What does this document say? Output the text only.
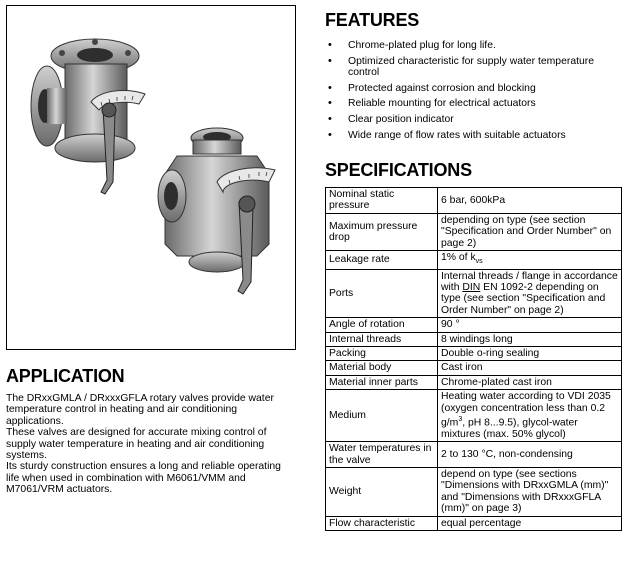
APPLICATION

The DRxxGMLA / DRxxxGFLA rotary valves provide water temperature control in heating and air conditioning applications.

These valves are designed for accurate mixing control of supply water temperature in heating and air conditioning systems.

Its sturdy construction ensures a long and reliable operating life when used in combination with M6061/VMM and M7061/VRM actuators.

FEATURES
• Chrome-plated plug for long life.
• Optimized characteristic for supply water temperature control
• Protected against corrosion and blocking
• Reliable mounting for electrical actuators
• Clear position indicator
• Wide range of flow rates with suitable actuators
SPECIFICATIONS
Nominal static pressure	6 bar, 600kPa
Maximum pressure drop	depending on type (see section "Specification and Order Number" on page 2)
Leakage rate	1% of $k_{vs}$
Ports	Internal threads / flange in accordance with DIN EN 1092-2 depending on type (see section "Specification and Order Number" on page 2)
Angle of rotation	90 °
Internal threads	8 windings long
Packing	Double o-ring sealing
Material body	Cast iron
Material inner parts	Chrome-plated cast iron
Medium	Heating water according to VDI 2035 (oxygen concentration less than 0.2 $g/m^3$, pH 8...9.5), glycol-water mixtures (max. 50% glycol)
Water temperatures in the valve	2 to 130 °C, non-condensing
Weight	depend on type (see sections "Dimensions with DRxxGMLA (mm)" and "Dimensions with DRxxxGFLA (mm)" on page 3)
Flow characteristic	equal percentage
